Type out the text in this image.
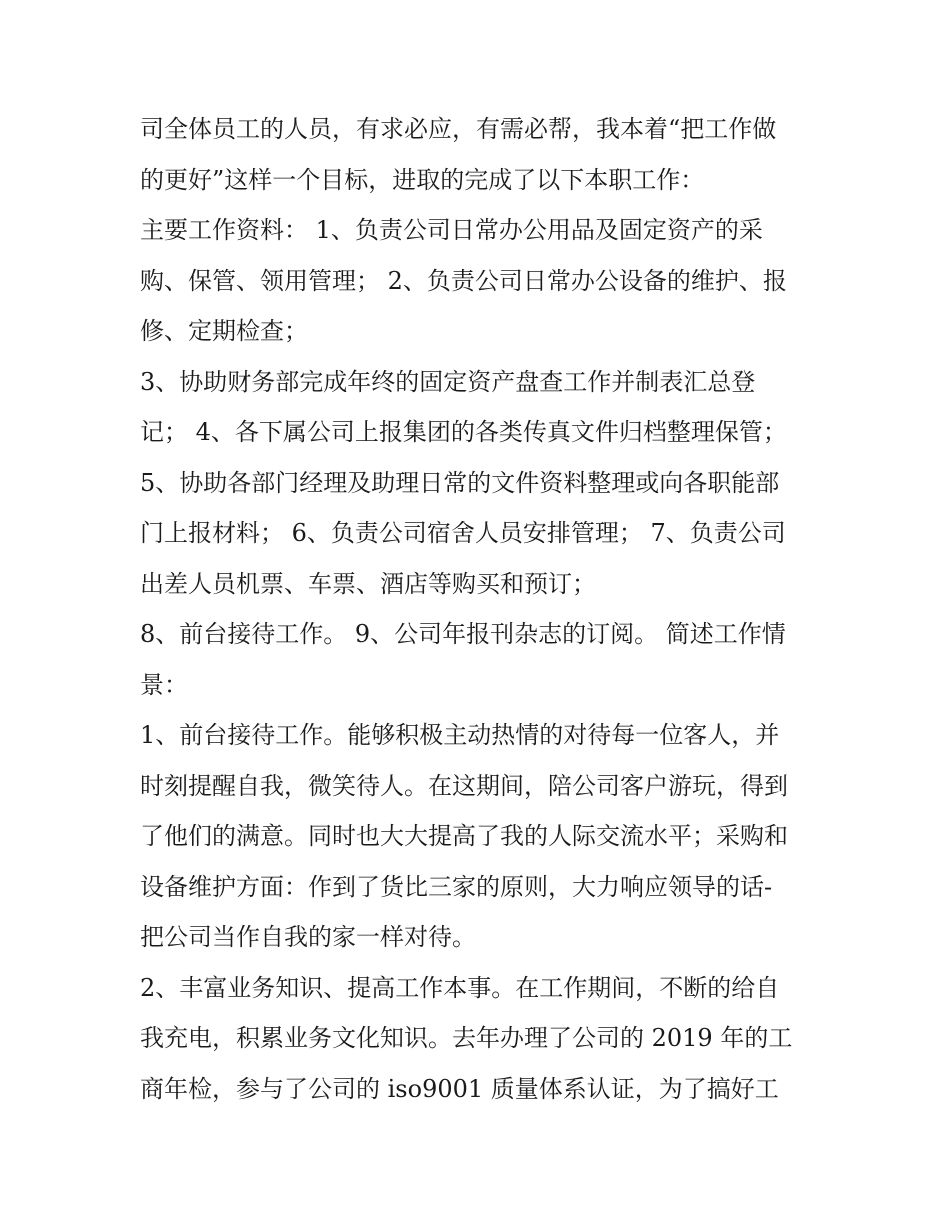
司全体员工的人员，有求必应，有需必帮，我本着“把工作做
的更好”这样一个目标，进取的完成了以下本职工作：
主要工作资料： 1、负责公司日常办公用品及固定资产的采
购、保管、领用管理； 2、负责公司日常办公设备的维护、报
修、定期检查；
3、协助财务部完成年终的固定资产盘查工作并制表汇总登
记； 4、各下属公司上报集团的各类传真文件归档整理保管；
5、协助各部门经理及助理日常的文件资料整理或向各职能部
门上报材料； 6、负责公司宿舍人员安排管理； 7、负责公司
出差人员机票、车票、酒店等购买和预订；
8、前台接待工作。 9、公司年报刊杂志的订阅。 简述工作情
景：
1、前台接待工作。能够积极主动热情的对待每一位客人，并
时刻提醒自我，微笑待人。在这期间，陪公司客户游玩，得到
了他们的满意。同时也大大提高了我的人际交流水平；采购和
设备维护方面：作到了货比三家的原则，大力响应领导的话-
把公司当作自我的家一样对待。
2、丰富业务知识、提高工作本事。在工作期间，不断的给自
我充电，积累业务文化知识。去年办理了公司的 2019 年的工
商年检，参与了公司的 iso9001 质量体系认证，为了搞好工
